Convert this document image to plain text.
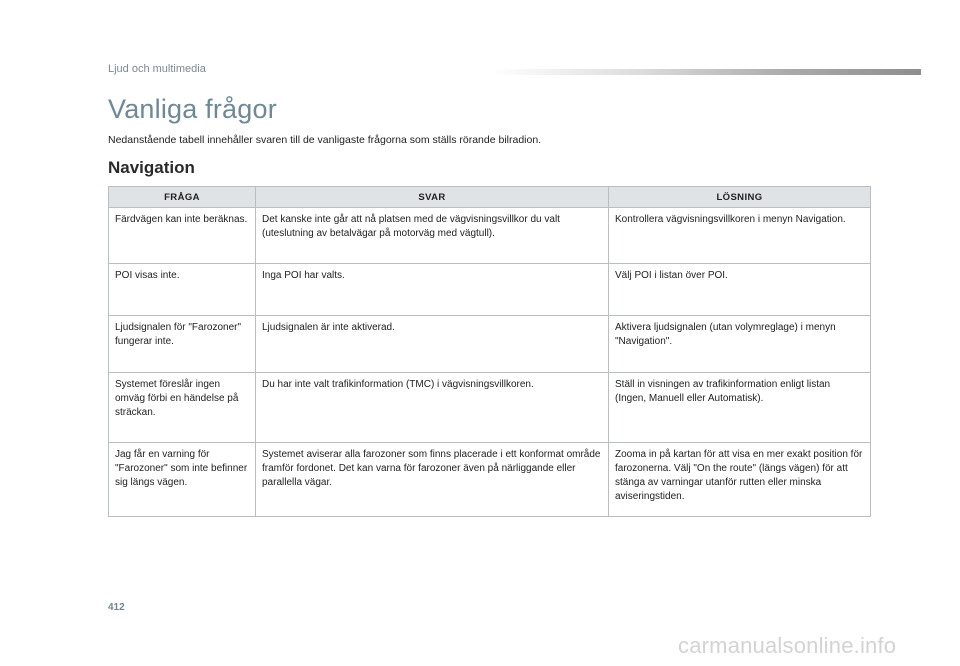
Ljud och multimedia
Vanliga frågor

Nedanstående tabell innehåller svaren till de vanligaste frågorna som ställs rörande bilradion.

Navigation
FRÅGA	SVAR	LÖSNING
Färdvägen kan inte beräknas.	Det kanske inte går att nå platsen med de vägvisningsvillkor du valt (uteslutning av betalvägar på motorväg med vägtull).	Kontrollera vägvisningsvillkoren i menyn Navigation.
POI visas inte.	Inga POI har valts.	Välj POI i listan över POI.
Ljudsignalen för "Farozoner" fungerar inte.	Ljudsignalen är inte aktiverad.	Aktivera ljudsignalen (utan volymreglage) i menyn "Navigation".
Systemet föreslår ingen omväg förbi en händelse på sträckan.	Du har inte valt trafikinformation (TMC) i vägvisningsvillkoren.	Ställ in visningen av trafikinformation enligt listan (Ingen, Manuell eller Automatisk).
Jag får en varning för "Farozoner" som inte befinner sig längs vägen.	Systemet aviserar alla farozoner som finns placerade i ett konformat område framför fordonet. Det kan varna för farozoner även på närliggande eller parallella vägar.	Zooma in på kartan för att visa en mer exakt position för farozonerna. Välj "On the route" (längs vägen) för att stänga av varningar utanför rutten eller minska aviseringstiden.
412
carmanualsonline.info
